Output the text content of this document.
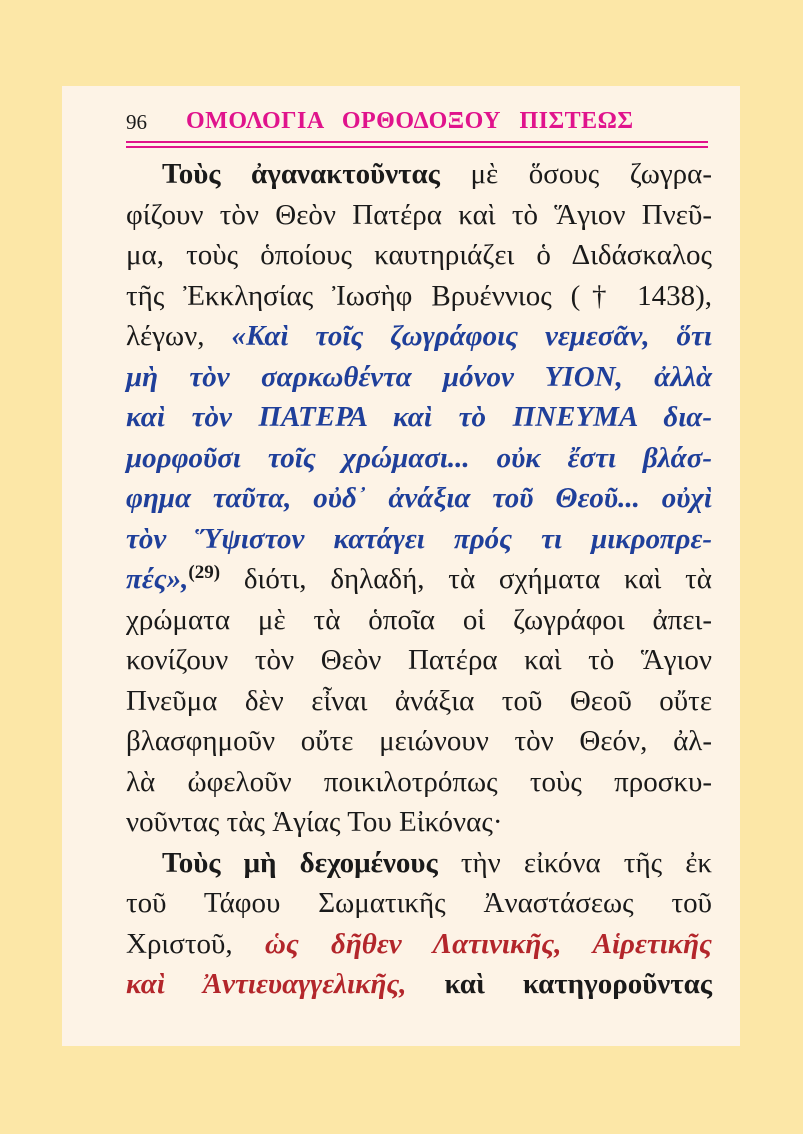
96 ΟΜΟΛΟΓΙΑ ΟΡΘΟΔΟΞΟΥ ΠΙΣΤΕΩΣ
Τοὺς ἀγανακτοῦντας μὲ ὅσους ζωγρα-
φίζουν τὸν Θεὸν Πατέρα καὶ τὸ Ἅγιον Πνεῦ-
μα, τοὺς ὁποίους καυτηριάζει ὁ Διδάσκαλος
τῆς Ἐκκλησίας Ἰωσὴφ Βρυέννιος († 1438),
λέγων, «Καὶ τοῖς ζωγράφοις νεμεσᾶν, ὅτι
μὴ τὸν σαρκωθέντα μόνον ΥΙΟΝ, ἀλλὰ
καὶ τὸν ΠΑΤΕΡΑ καὶ τὸ ΠΝΕΥΜΑ δια-
μορφοῦσι τοῖς χρώμασι... οὐκ ἔστι βλάσ-
φημα ταῦτα, οὐδ᾽ ἀνάξια τοῦ Θεοῦ... οὐχὶ
τὸν Ὕψιστον κατάγει πρός τι μικροπρε-
πές»,$^{(29)}$ διότι, δηλαδή, τὰ σχήματα καὶ τὰ
χρώματα μὲ τὰ ὁποῖα οἱ ζωγράφοι ἀπει-
κονίζουν τὸν Θεὸν Πατέρα καὶ τὸ Ἅγιον
Πνεῦμα δὲν εἶναι ἀνάξια τοῦ Θεοῦ οὔτε
βλασφημοῦν οὔτε μειώνουν τὸν Θεόν, ἀλ-
λὰ ὠφελοῦν ποικιλοτρόπως τοὺς προσκυ-
νοῦντας τὰς Ἁγίας Του Εἰκόνας·
Τοὺς μὴ δεχομένους τὴν εἰκόνα τῆς ἐκ
τοῦ Τάφου Σωματικῆς Ἀναστάσεως τοῦ
Χριστοῦ, ὡς δῆθεν Λατινικῆς, Αἱρετικῆς
καὶ Ἀντιευαγγελικῆς, καὶ κατηγοροῦντας
